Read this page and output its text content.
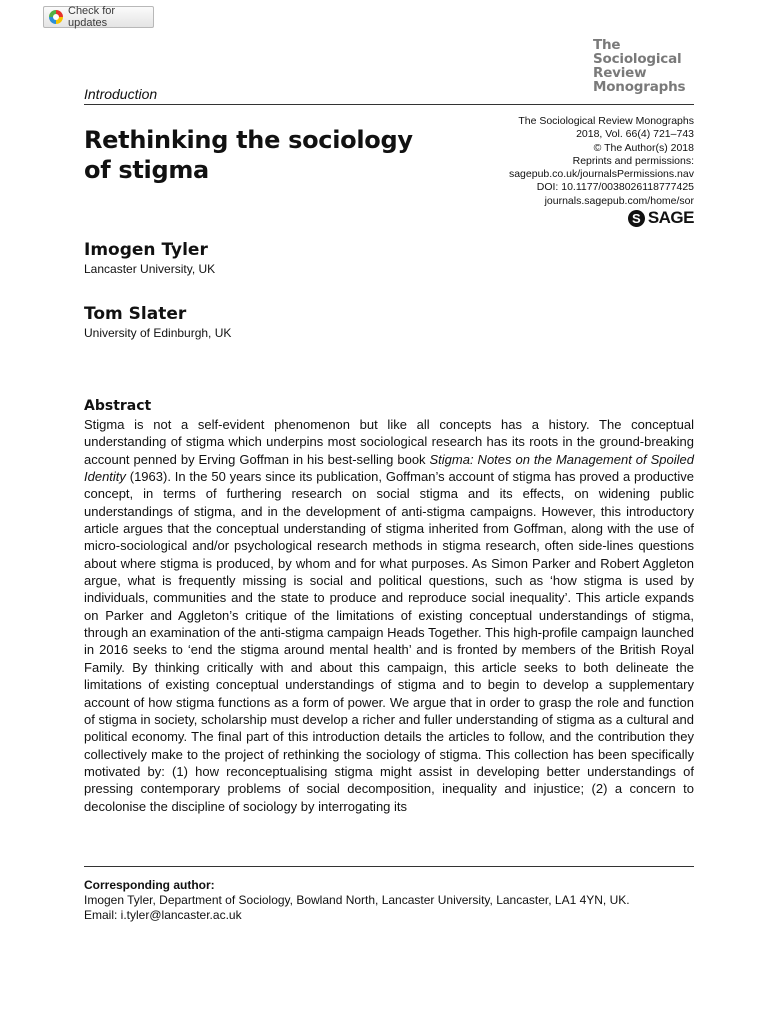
Check for updates
The
Sociological
Review
Monographs
Introduction
The Sociological Review Monographs
2018, Vol. 66(4) 721–743
© The Author(s) 2018
Reprints and permissions:
sagepub.co.uk/journalsPermissions.nav
DOI: 10.1177/0038026118777425
journals.sagepub.com/home/sor
S SAGE
Rethinking the sociology of stigma
Imogen Tyler
Lancaster University, UK
Tom Slater
University of Edinburgh, UK
Abstract

Stigma is not a self-evident phenomenon but like all concepts has a history. The conceptual understanding of stigma which underpins most sociological research has its roots in the ground-breaking account penned by Erving Goffman in his best-selling book Stigma: Notes on the Management of Spoiled Identity (1963). In the 50 years since its publication, Goffman’s account of stigma has proved a productive concept, in terms of furthering research on social stigma and its effects, on widening public understandings of stigma, and in the development of anti-stigma campaigns. However, this introductory article argues that the conceptual understanding of stigma inherited from Goffman, along with the use of micro-sociological and/or psychological research methods in stigma research, often side-lines questions about where stigma is produced, by whom and for what purposes. As Simon Parker and Robert Aggleton argue, what is frequently missing is social and political questions, such as ‘how stigma is used by individuals, communities and the state to produce and reproduce social inequality’. This article expands on Parker and Aggleton’s critique of the limitations of existing conceptual understandings of stigma, through an examination of the anti-stigma campaign Heads Together. This high-profile campaign launched in 2016 seeks to ‘end the stigma around mental health’ and is fronted by members of the British Royal Family. By thinking critically with and about this campaign, this article seeks to both delineate the limitations of existing conceptual understandings of stigma and to begin to develop a supplementary account of how stigma functions as a form of power. We argue that in order to grasp the role and function of stigma in society, scholarship must develop a richer and fuller understanding of stigma as a cultural and political economy. The final part of this introduction details the articles to follow, and the contribution they collectively make to the project of rethinking the sociology of stigma. This collection has been specifically motivated by: (1) how reconceptualising stigma might assist in developing better understandings of pressing contemporary problems of social decomposition, inequality and injustice; (2) a concern to decolonise the discipline of sociology by interrogating its

Corresponding author:
Imogen Tyler, Department of Sociology, Bowland North, Lancaster University, Lancaster, LA1 4YN, UK.
Email: i.tyler@lancaster.ac.uk
